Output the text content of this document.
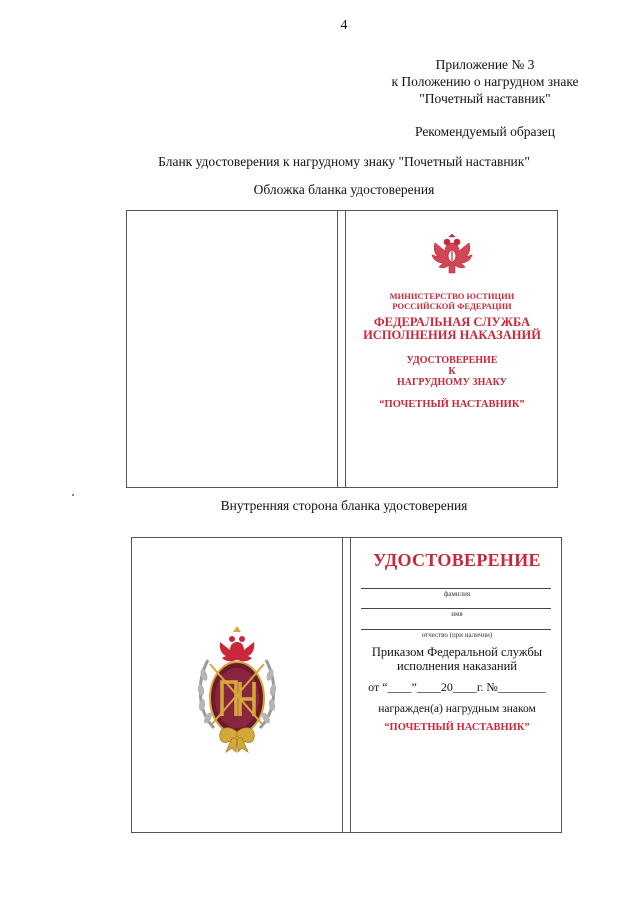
4
Приложение № 3
к Положению о нагрудном знаке
"Почетный наставник"
Рекомендуемый образец
Бланк удостоверения к нагрудному знаку "Почетный наставник"
Обложка бланка удостоверения
МИНИСТЕРСТВО ЮСТИЦИИ
РОССИЙСКОЙ ФЕДЕРАЦИИ
ФЕДЕРАЛЬНАЯ СЛУЖБА
ИСПОЛНЕНИЯ НАКАЗАНИЙ
УДОСТОВЕРЕНИЕ
К
НАГРУДНОМУ ЗНАКУ
“ПОЧЕТНЫЙ НАСТАВНИК”
Внутренняя сторона бланка удостоверения
УДОСТОВЕРЕНИЕ
фамилия
имя
отчество (при наличии)
Приказом Федеральной службы
исполнения наказаний
от “____”____20____г. №________
награжден(а) нагрудным знаком
“ПОЧЕТНЫЙ НАСТАВНИК”
